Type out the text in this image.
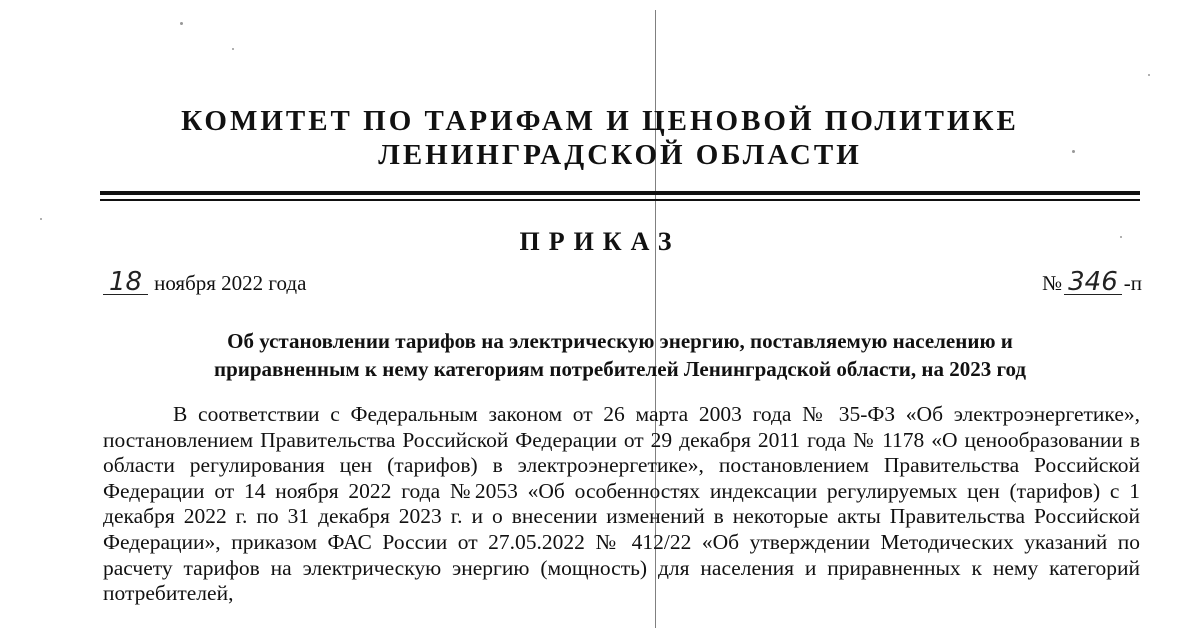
КОМИТЕТ ПО ТАРИФАМ И ЦЕНОВОЙ ПОЛИТИКЕ
ЛЕНИНГРАДСКОЙ ОБЛАСТИ
ПРИКАЗ
18 ноября 2022 года	№ 346 -п
Об установлении тарифов на электрическую энергию, поставляемую населению и
приравненным к нему категориям потребителей Ленинградской области, на 2023 год

В соответствии с Федеральным законом от 26 марта 2003 года № 35-ФЗ «Об электроэнергетике», постановлением Правительства Российской Федерации от 29 декабря 2011 года № 1178 «О ценообразовании в области регулирования цен (тарифов) в электроэнергетике», постановлением Правительства Российской Федерации от 14 ноября 2022 года №2053 «Об особенностях индексации регулируемых цен (тарифов) с 1 декабря 2022 г. по 31 декабря 2023 г. и о внесении изменений в некоторые акты Правительства Российской Федерации», приказом ФАС России от 27.05.2022 № 412/22 «Об утверждении Методических указаний по расчету тарифов на электрическую энергию (мощность) для населения и приравненных к нему категорий потребителей,
